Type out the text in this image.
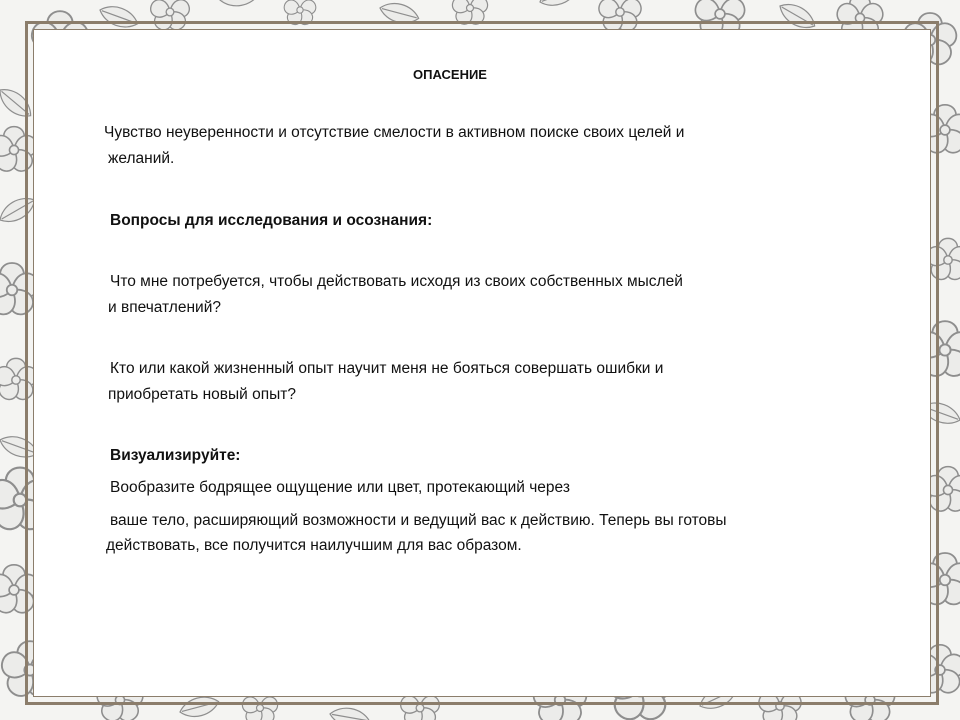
ОПАСЕНИЕ

Чувство неуверенности и отсутствие смелости в активном поиске своих целей и

желаний.

Вопросы для исследования и осознания:

Что мне потребуется, чтобы действовать исходя из своих собственных мыслей

и впечатлений?

Кто или какой жизненный опыт научит меня не бояться совершать ошибки и

приобретать новый опыт?

Визуализируйте:

Вообразите бодрящее ощущение или цвет, протекающий через

ваше тело, расширяющий возможности и ведущий вас к действию. Теперь вы готовы

действовать, все получится наилучшим для вас образом.
